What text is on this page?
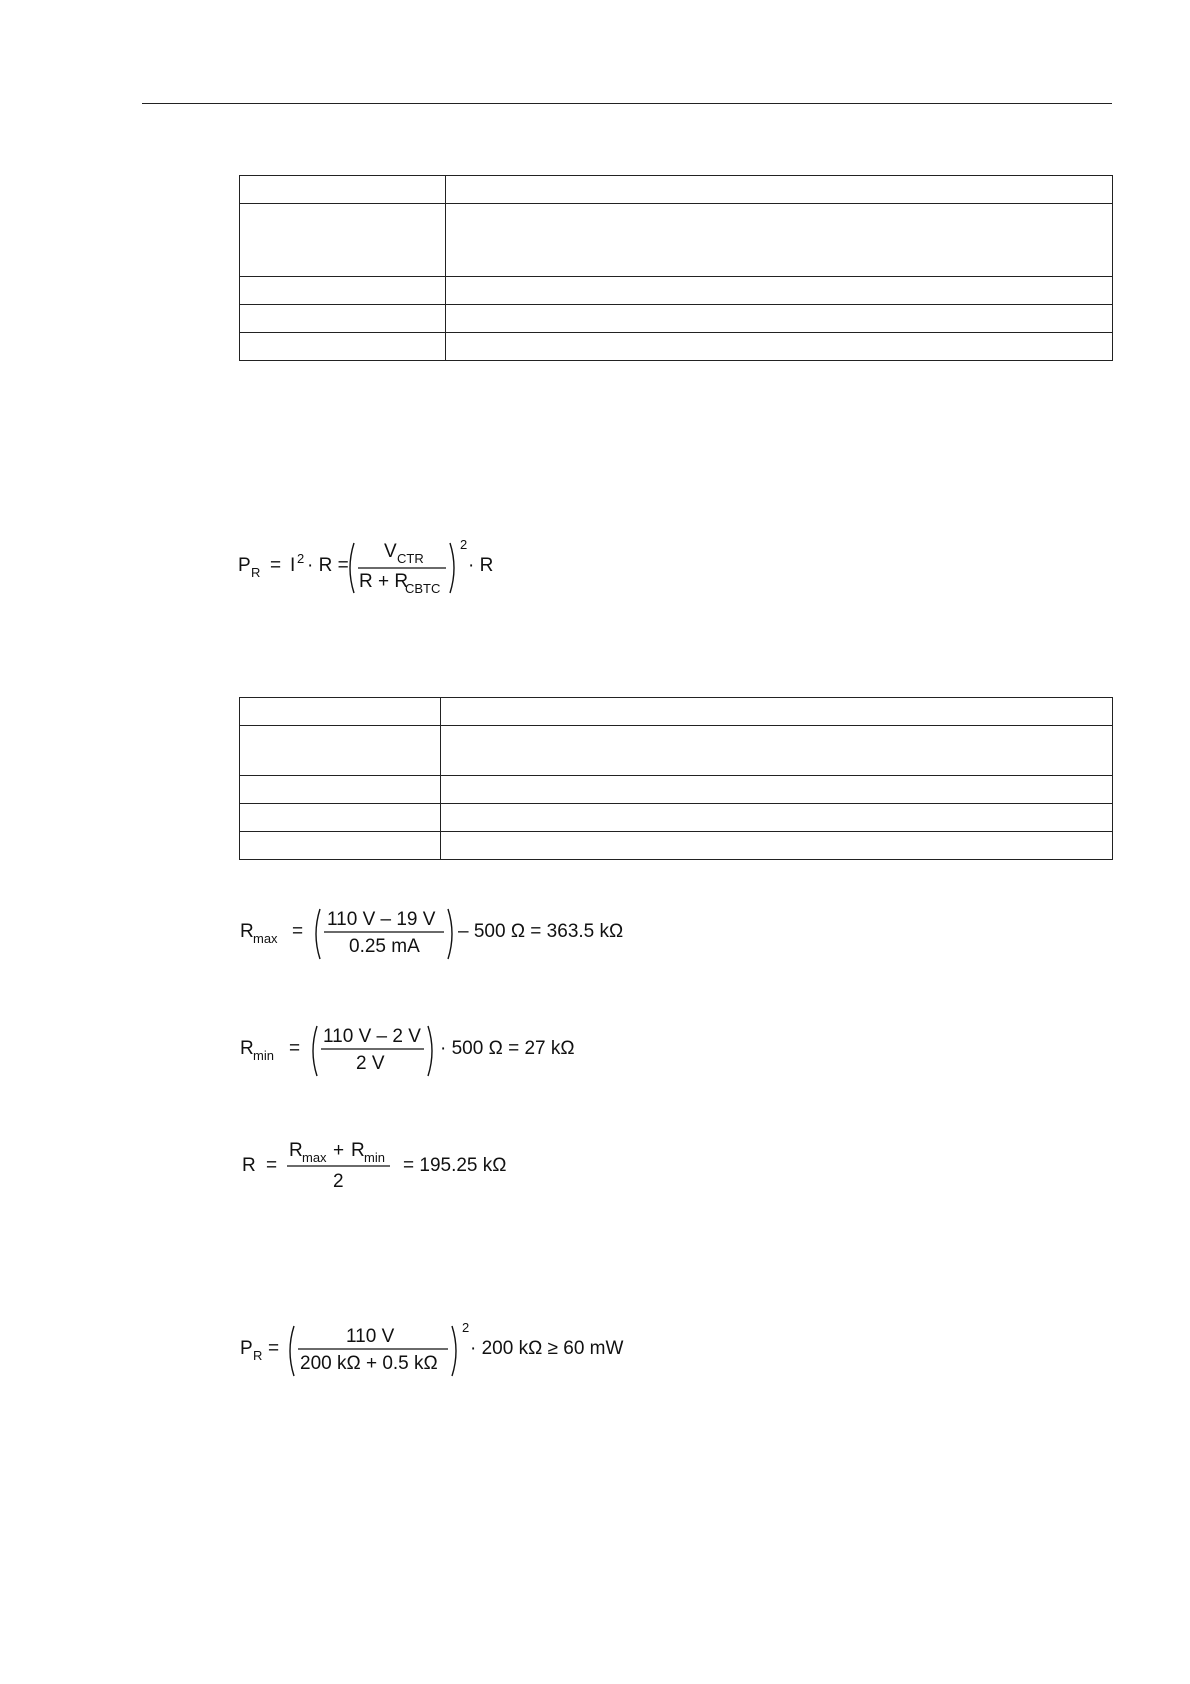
P R = I 2 · R =
V CTR
R + R
CBTC
2
· R

R max =
110 V – 19 V
0.25 mA
– 500 Ω = 363.5 kΩ
R min =
110 V – 2 V
2 V
· 500 Ω = 27 kΩ
R =
R max + R min
2
= 195.25 kΩ
P R =
110 V
200 kΩ + 0.5 kΩ
2
· 200 kΩ ≥ 60 mW
